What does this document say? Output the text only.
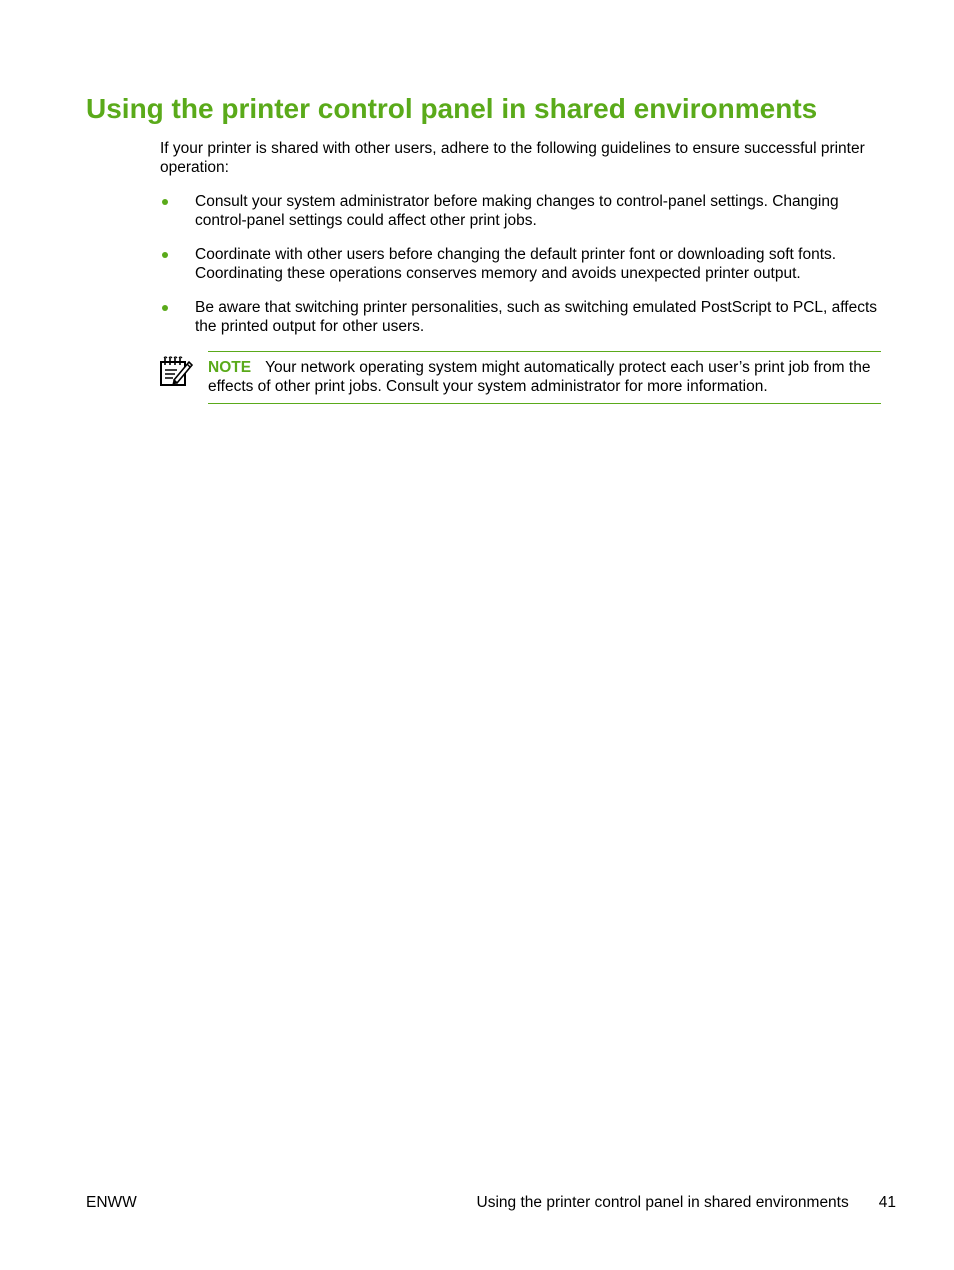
Using the printer control panel in shared environments

If your printer is shared with other users, adhere to the following guidelines to ensure successful printer operation:

Consult your system administrator before making changes to control-panel settings. Changing control-panel settings could affect other print jobs.
Coordinate with other users before changing the default printer font or downloading soft fonts. Coordinating these operations conserves memory and avoids unexpected printer output.
Be aware that switching printer personalities, such as switching emulated PostScript to PCL, affects the printed output for other users.
NOTE Your network operating system might automatically protect each user’s print job from the effects of other print jobs. Consult your system administrator for more information.
ENWW	Using the printer control panel in shared environments 41
